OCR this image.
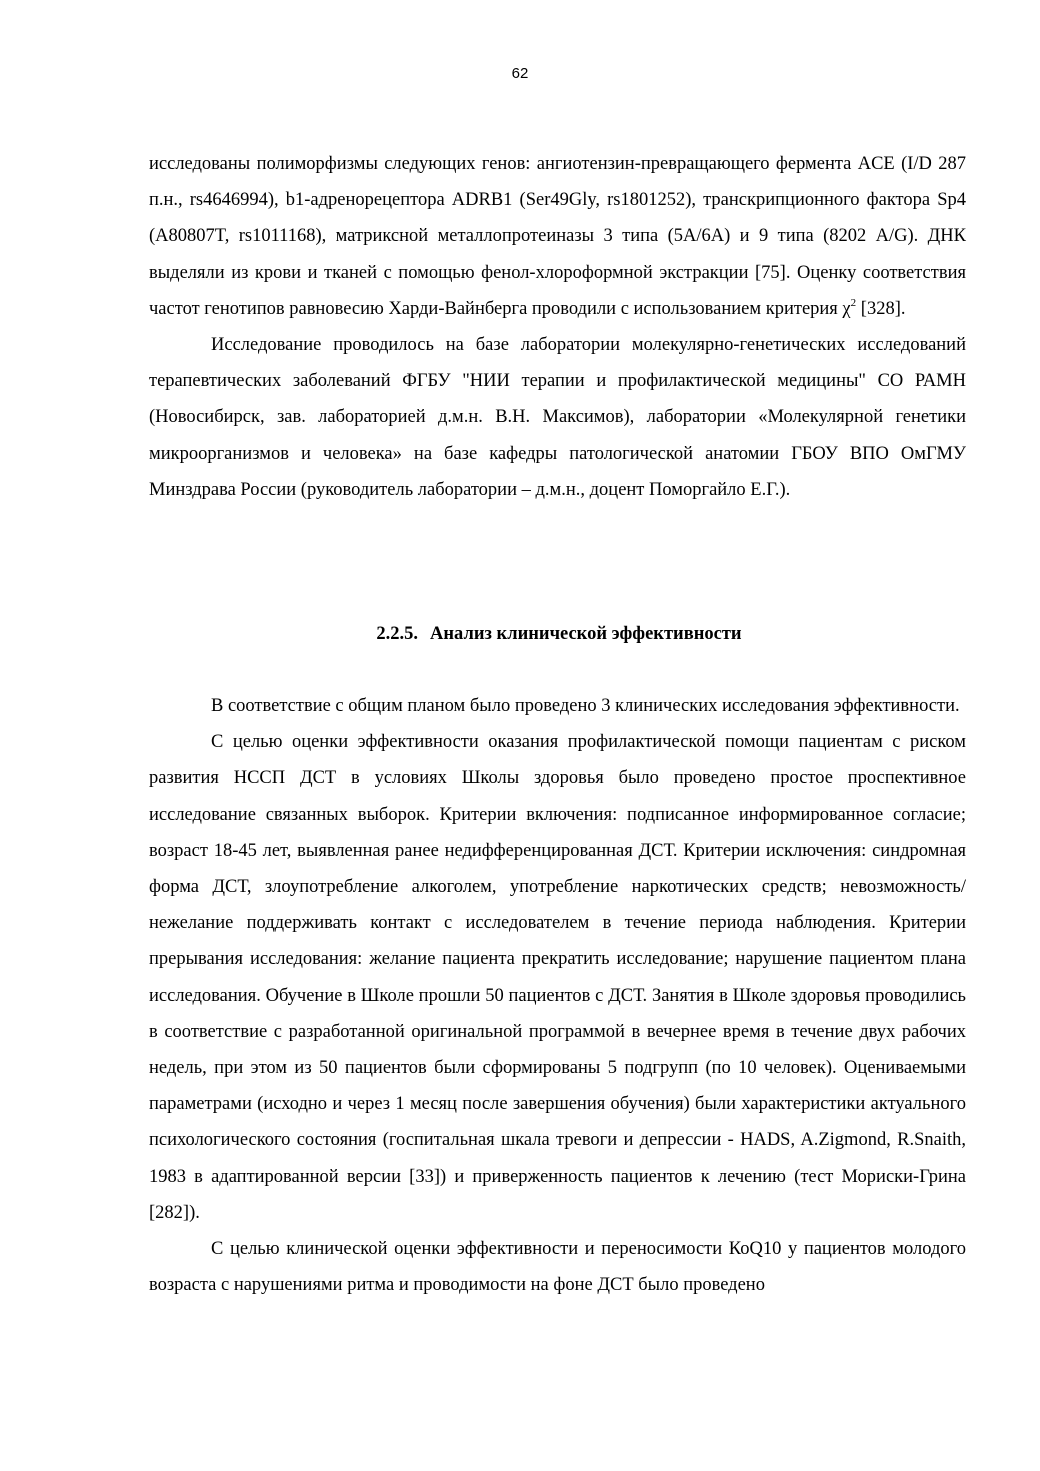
62

исследованы полиморфизмы следующих генов: ангиотензин-превращающего фермента ACE (I/D 287 п.н., rs4646994), b1-адренорецептора ADRB1 (Ser49Gly, rs1801252), транскрипционного фактора Sp4 (A80807T, rs1011168), матриксной металлопротеиназы 3 типа (5А/6А) и 9 типа (8202 A/G). ДНК выделяли из крови и тканей с помощью фенол-хлороформной экстракции [75]. Оценку соответствия частот генотипов равновесию Харди-Вайнберга проводили с использованием критерия $\chi^2$ [328].

Исследование проводилось на базе лаборатории молекулярно-генетических исследований терапевтических заболеваний ФГБУ "НИИ терапии и профилактической медицины" СО РАМН (Новосибирск, зав. лабораторией д.м.н. В.Н. Максимов), лаборатории «Молекулярной генетики микроорганизмов и человека» на базе кафедры патологической анатомии ГБОУ ВПО ОмГМУ Минздрава России (руководитель лаборатории – д.м.н., доцент Поморгайло Е.Г.).

2.2.5. Анализ клинической эффективности

В соответствие с общим планом было проведено 3 клинических исследования эффективности.

С целью оценки эффективности оказания профилактической помощи пациентам с риском развития НССП ДСТ в условиях Школы здоровья было проведено простое проспективное исследование связанных выборок. Критерии включения: подписанное информированное согласие; возраст 18-45 лет, выявленная ранее недифференцированная ДСТ. Критерии исключения: синдромная форма ДСТ, злоупотребление алкоголем, употребление наркотических средств; невозможность/нежелание поддерживать контакт с исследователем в течение периода наблюдения. Критерии прерывания исследования: желание пациента прекратить исследование; нарушение пациентом плана исследования. Обучение в Школе прошли 50 пациентов с ДСТ. Занятия в Школе здоровья проводились в соответствие с разработанной оригинальной программой в вечернее время в течение двух рабочих недель, при этом из 50 пациентов были сформированы 5 подгрупп (по 10 человек). Оцениваемыми параметрами (исходно и через 1 месяц после завершения обучения) были характеристики актуального психологического состояния (госпитальная шкала тревоги и депрессии - HADS, A.Zigmond, R.Snaith, 1983 в адаптированной версии [33]) и приверженность пациентов к лечению (тест Мориски-Грина [282]).

С целью клинической оценки эффективности и переносимости КоQ10 у пациентов молодого возраста с нарушениями ритма и проводимости на фоне ДСТ было проведено
